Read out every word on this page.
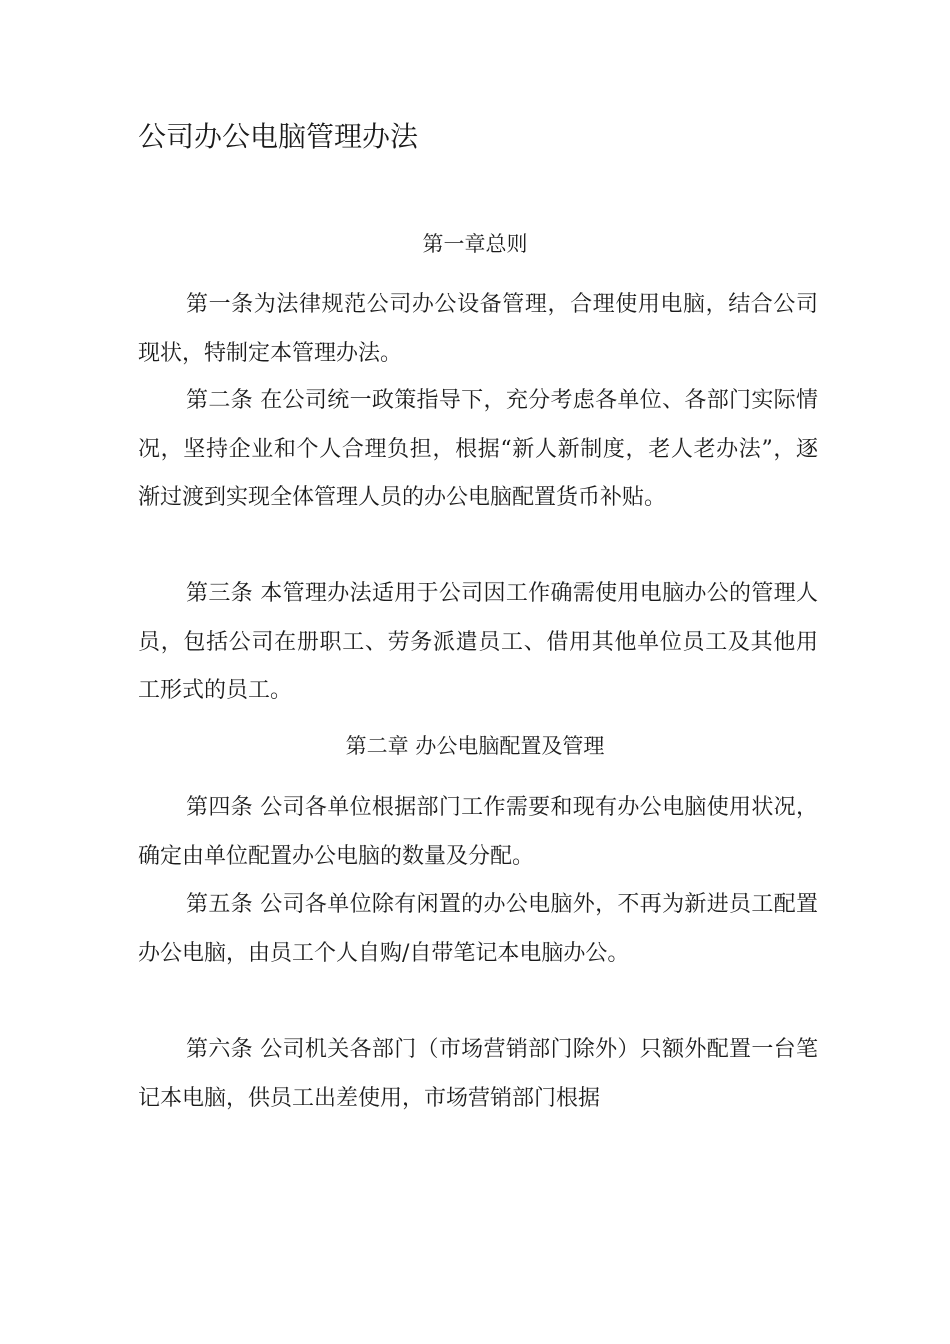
公司办公电脑管理办法
第一章总则

第一条为法律规范公司办公设备管理，合理使用电脑，结合公司现状，特制定本管理办法。

第二条 在公司统一政策指导下，充分考虑各单位、各部门实际情况，坚持企业和个人合理负担，根据“新人新制度，老人老办法”，逐渐过渡到实现全体管理人员的办公电脑配置货币补贴。

第三条 本管理办法适用于公司因工作确需使用电脑办公的管理人员，包括公司在册职工、劳务派遣员工、借用其他单位员工及其他用工形式的员工。

第二章 办公电脑配置及管理

第四条 公司各单位根据部门工作需要和现有办公电脑使用状况，确定由单位配置办公电脑的数量及分配。

第五条 公司各单位除有闲置的办公电脑外，不再为新进员工配置办公电脑，由员工个人自购/自带笔记本电脑办公。

第六条 公司机关各部门（市场营销部门除外）只额外配置一台笔记本电脑，供员工出差使用，市场营销部门根据
